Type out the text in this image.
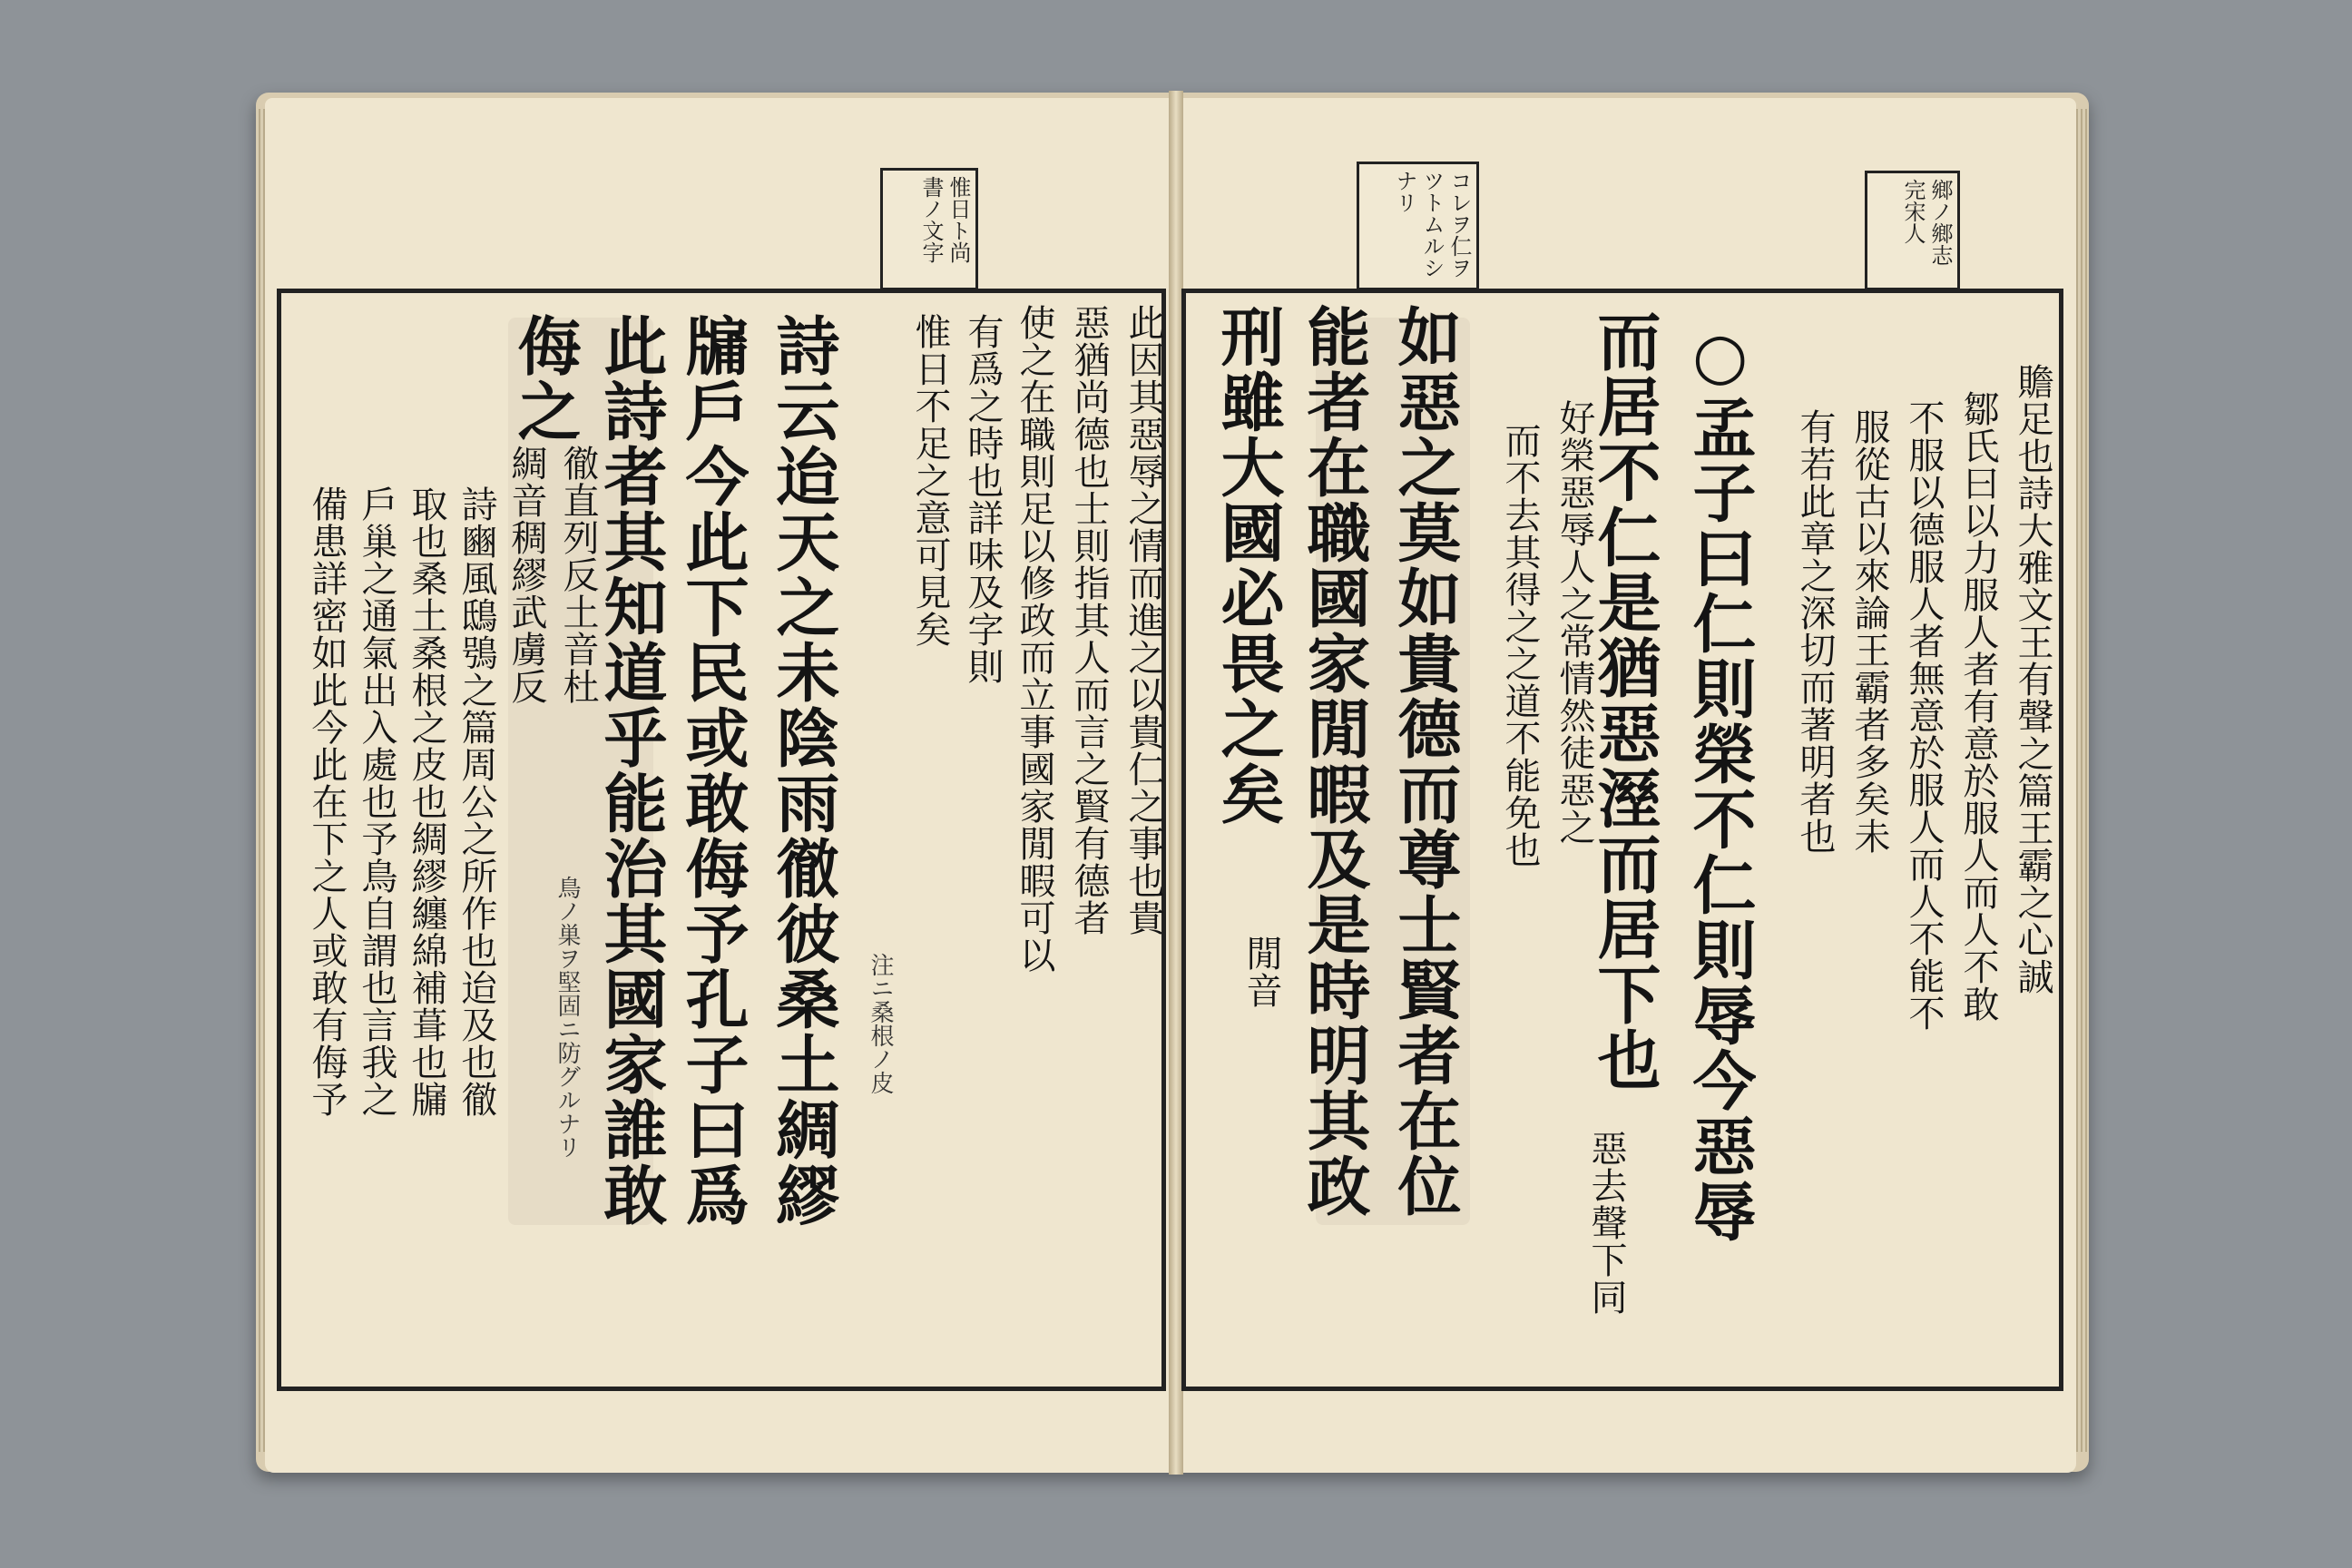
惟日ト尚書ノ文字	コレヲ仁ヲツトムルシナリ	鄉ノ鄉志完宋人
侮之 此詩者其知道乎能治其國家誰敢 牖戶今此下民或敢侮予孔子曰爲 詩云迨天之未陰雨徹彼桑土綢繆	此因其惡辱之情而進之以貴仁之事也貴
惡猶尚德也士則指其人而言之賢有德者
使之在職則足以修政而立事國家閒暇可以
有爲之時也詳味及字則
惟日不足之意可見矣
注ニ桑根ノ皮
鳥ノ巣ヲ堅固ニ防グルナリ
徹直列反土音杜
綢音稠繆武虜反
詩豳風鴟鴞之篇周公之所作也迨及也徹
取也桑土桑根之皮也綢繆纏綿補葺也牖
戶巢之通氣出入處也予鳥自謂也言我之
備患詳密如此今此在下之人或敢有侮予	○孟子曰仁則榮不仁則辱今惡辱
而居不仁是猶惡溼而居下也
如惡之莫如貴德而尊士賢者在位
能者在職國家閒暇及是時明其政
刑雖大國必畏之矣	贍足也詩大雅文王有聲之篇王霸之心誠
鄒氏曰以力服人者有意於服人而人不敢
不服以德服人者無意於服人而人不能不
服從古以來論王霸者多矣未
有若此章之深切而著明者也
好榮惡辱人之常情然徒惡之
而不去其得之之道不能免也
惡去聲下同
閒音
